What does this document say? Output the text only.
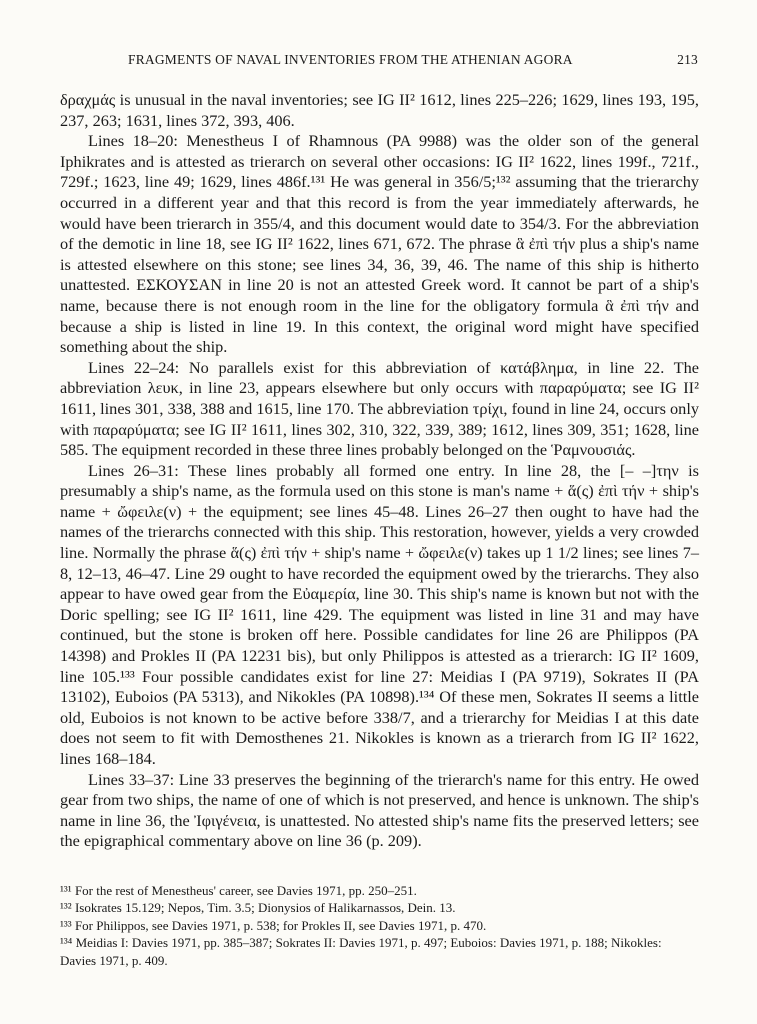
FRAGMENTS OF NAVAL INVENTORIES FROM THE ATHENIAN AGORA	213

δραχμάς is unusual in the naval inventories; see IG II² 1612, lines 225–226; 1629, lines 193, 195, 237, 263; 1631, lines 372, 393, 406.

Lines 18–20: Menestheus I of Rhamnous (PA 9988) was the older son of the general Iphikrates and is attested as trierarch on several other occasions: IG II² 1622, lines 199f., 721f., 729f.; 1623, line 49; 1629, lines 486f.¹³¹ He was general in 356/5;¹³² assuming that the trierarchy occurred in a different year and that this record is from the year immediately afterwards, he would have been trierarch in 355/4, and this document would date to 354/3. For the abbreviation of the demotic in line 18, see IG II² 1622, lines 671, 672. The phrase ἃ ἐπὶ τήν plus a ship's name is attested elsewhere on this stone; see lines 34, 36, 39, 46. The name of this ship is hitherto unattested. ΕΣΚΟΥΣΑΝ in line 20 is not an attested Greek word. It cannot be part of a ship's name, because there is not enough room in the line for the obligatory formula ἃ ἐπὶ τήν and because a ship is listed in line 19. In this context, the original word might have specified something about the ship.

Lines 22–24: No parallels exist for this abbreviation of κατάβλημα, in line 22. The abbreviation λευκ, in line 23, appears elsewhere but only occurs with παραρύματα; see IG II² 1611, lines 301, 338, 388 and 1615, line 170. The abbreviation τρίχι, found in line 24, occurs only with παραρύματα; see IG II² 1611, lines 302, 310, 322, 339, 389; 1612, lines 309, 351; 1628, line 585. The equipment recorded in these three lines probably belonged on the Ῥαμνουσιάς.

Lines 26–31: These lines probably all formed one entry. In line 28, the [– –]την is presumably a ship's name, as the formula used on this stone is man's name + ἅ(ς) ἐπὶ τήν + ship's name + ὤφειλε(ν) + the equipment; see lines 45–48. Lines 26–27 then ought to have had the names of the trierarchs connected with this ship. This restoration, however, yields a very crowded line. Normally the phrase ἅ(ς) ἐπὶ τήν + ship's name + ὤφειλε(ν) takes up 1 1/2 lines; see lines 7–8, 12–13, 46–47. Line 29 ought to have recorded the equipment owed by the trierarchs. They also appear to have owed gear from the Εὐαμερία, line 30. This ship's name is known but not with the Doric spelling; see IG II² 1611, line 429. The equipment was listed in line 31 and may have continued, but the stone is broken off here. Possible candidates for line 26 are Philippos (PA 14398) and Prokles II (PA 12231 bis), but only Philippos is attested as a trierarch: IG II² 1609, line 105.¹³³ Four possible candidates exist for line 27: Meidias I (PA 9719), Sokrates II (PA 13102), Euboios (PA 5313), and Nikokles (PA 10898).¹³⁴ Of these men, Sokrates II seems a little old, Euboios is not known to be active before 338/7, and a trierarchy for Meidias I at this date does not seem to fit with Demosthenes 21. Nikokles is known as a trierarch from IG II² 1622, lines 168–184.

Lines 33–37: Line 33 preserves the beginning of the trierarch's name for this entry. He owed gear from two ships, the name of one of which is not preserved, and hence is unknown. The ship's name in line 36, the Ἰφιγένεια, is unattested. No attested ship's name fits the preserved letters; see the epigraphical commentary above on line 36 (p. 209).

¹³¹ For the rest of Menestheus' career, see Davies 1971, pp. 250–251.

¹³² Isokrates 15.129; Nepos, Tim. 3.5; Dionysios of Halikarnassos, Dein. 13.

¹³³ For Philippos, see Davies 1971, p. 538; for Prokles II, see Davies 1971, p. 470.

¹³⁴ Meidias I: Davies 1971, pp. 385–387; Sokrates II: Davies 1971, p. 497; Euboios: Davies 1971, p. 188; Nikokles: Davies 1971, p. 409.
